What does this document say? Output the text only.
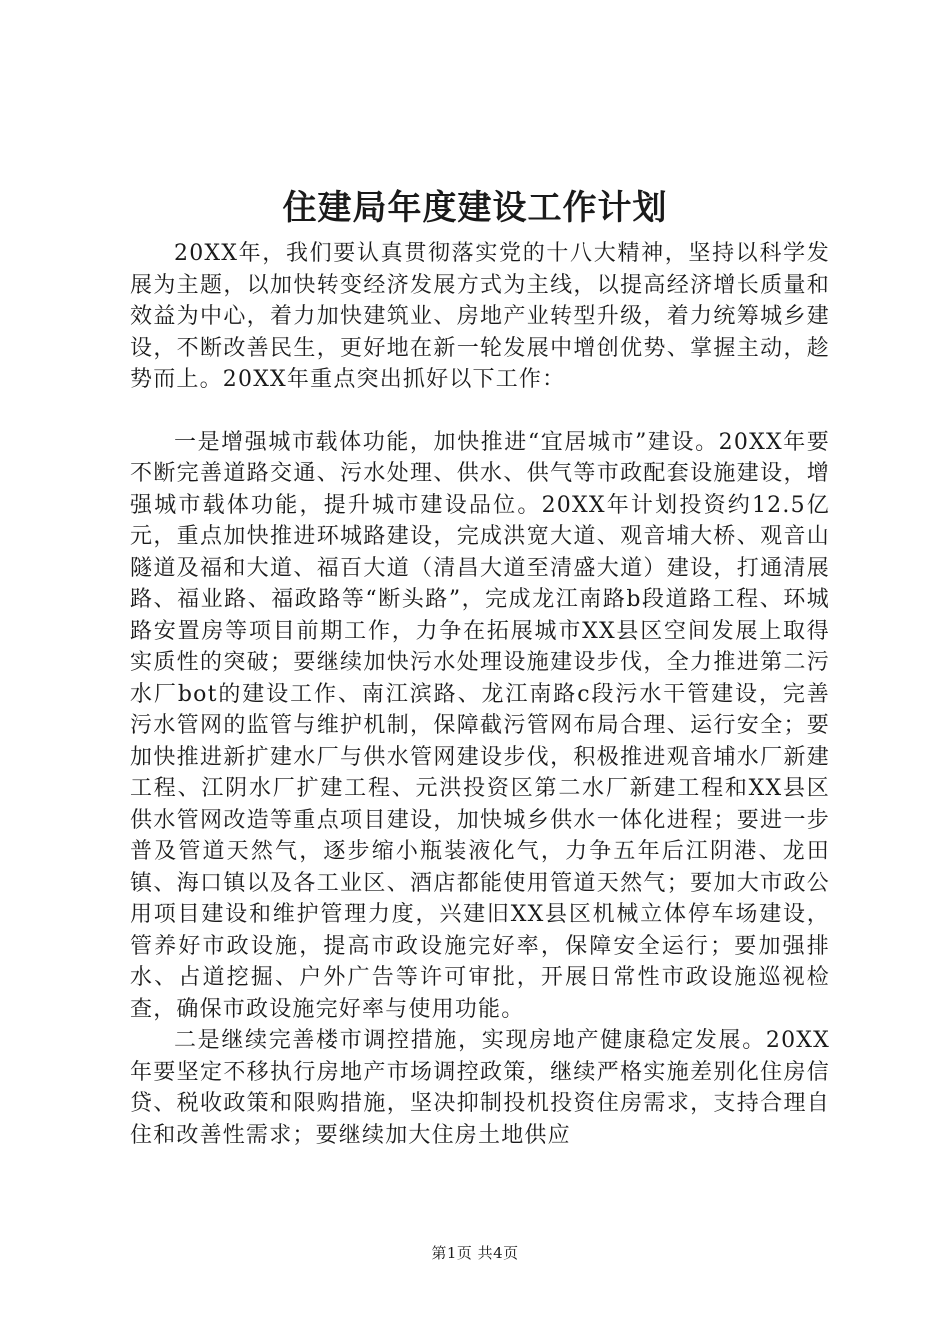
住建局年度建设工作计划

20XX年，我们要认真贯彻落实党的十八大精神，坚持以科学发展为主题，以加快转变经济发展方式为主线，以提高经济增长质量和效益为中心，着力加快建筑业、房地产业转型升级，着力统筹城乡建设，不断改善民生，更好地在新一轮发展中增创优势、掌握主动，趁势而上。20XX年重点突出抓好以下工作：

一是增强城市载体功能，加快推进“宜居城市”建设。20XX年要不断完善道路交通、污水处理、供水、供气等市政配套设施建设，增强城市载体功能，提升城市建设品位。20XX年计划投资约12.5亿元，重点加快推进环城路建设，完成洪宽大道、观音埔大桥、观音山隧道及福和大道、福百大道（清昌大道至清盛大道）建设，打通清展路、福业路、福政路等“断头路”，完成龙江南路b段道路工程、环城路安置房等项目前期工作，力争在拓展城市XX县区空间发展上取得实质性的突破；要继续加快污水处理设施建设步伐，全力推进第二污水厂bot的建设工作、南江滨路、龙江南路c段污水干管建设，完善污水管网的监管与维护机制，保障截污管网布局合理、运行安全；要加快推进新扩建水厂与供水管网建设步伐，积极推进观音埔水厂新建工程、江阴水厂扩建工程、元洪投资区第二水厂新建工程和XX县区供水管网改造等重点项目建设，加快城乡供水一体化进程；要进一步普及管道天然气，逐步缩小瓶装液化气，力争五年后江阴港、龙田镇、海口镇以及各工业区、酒店都能使用管道天然气；要加大市政公用项目建设和维护管理力度，兴建旧XX县区机械立体停车场建设，管养好市政设施，提高市政设施完好率，保障安全运行；要加强排水、占道挖掘、户外广告等许可审批，开展日常性市政设施巡视检查，确保市政设施完好率与使用功能。

二是继续完善楼市调控措施，实现房地产健康稳定发展。20XX年要坚定不移执行房地产市场调控政策，继续严格实施差别化住房信贷、税收政策和限购措施，坚决抑制投机投资住房需求，支持合理自住和改善性需求；要继续加大住房土地供应

第1页 共4页
